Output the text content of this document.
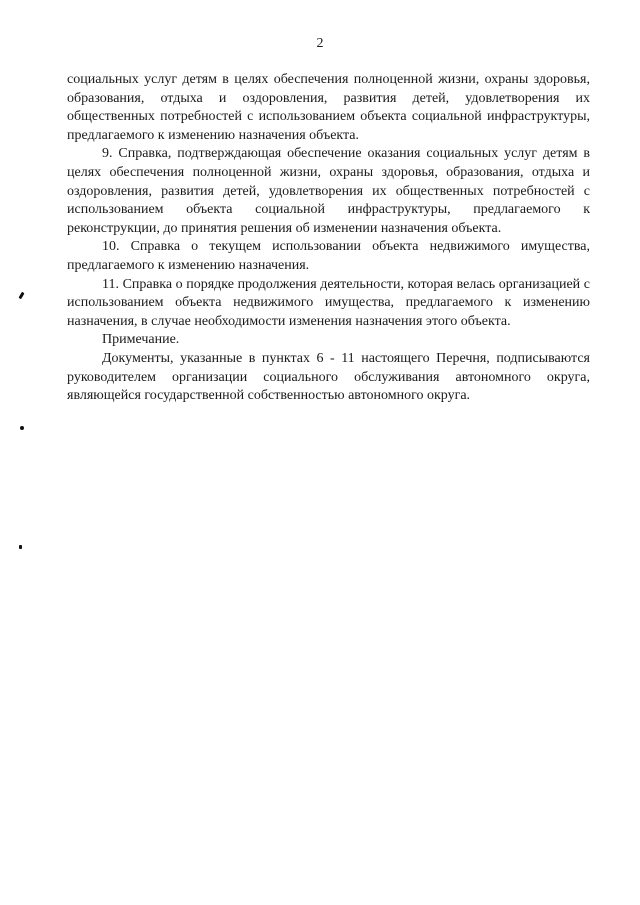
2

социальных услуг детям в целях обеспечения полноценной жизни, охраны здоровья, образования, отдыха и оздоровления, развития детей, удовлетворения их общественных потребностей с использованием объекта социальной инфраструктуры, предлагаемого к изменению назначения объекта.

9. Справка, подтверждающая обеспечение оказания социальных услуг детям в целях обеспечения полноценной жизни, охраны здоровья, образования, отдыха и оздоровления, развития детей, удовлетворения их общественных потребностей с использованием объекта социальной инфраструктуры, предлагаемого к реконструкции, до принятия решения об изменении назначения объекта.

10. Справка о текущем использовании объекта недвижимого имущества, предлагаемого к изменению назначения.

11. Справка о порядке продолжения деятельности, которая велась организацией с использованием объекта недвижимого имущества, предлагаемого к изменению назначения, в случае необходимости изменения назначения этого объекта.

Примечание.

Документы, указанные в пунктах 6 - 11 настоящего Перечня, подписываются руководителем организации социального обслуживания автономного округа, являющейся государственной собственностью автономного округа.
